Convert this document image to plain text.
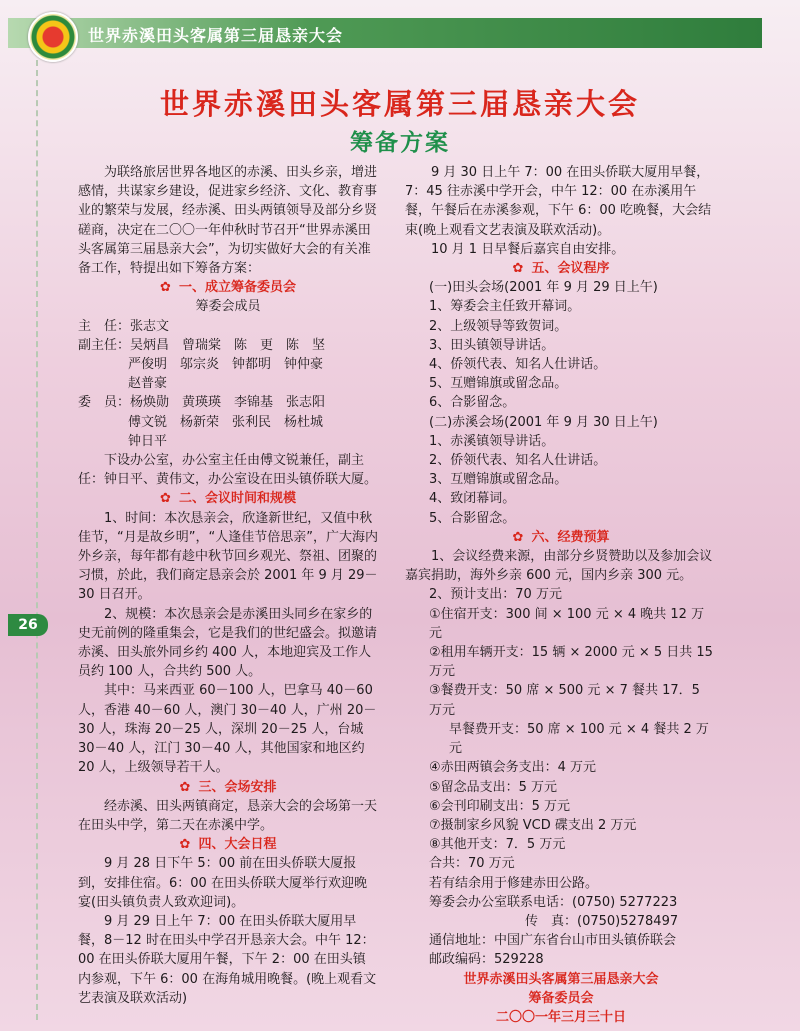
世界赤溪田头客属第三届恳亲大会
26
世界赤溪田头客属第三届恳亲大会
筹备方案

为联络旅居世界各地区的赤溪、田头乡亲，增进感情，共谋家乡建设，促进家乡经济、文化、教育事业的繁荣与发展，经赤溪、田头两镇领导及部分乡贤磋商，决定在二〇〇一年仲秋时节召开“世界赤溪田头客属第三届恳亲大会”，为切实做好大会的有关准备工作，特提出如下筹备方案：

✿ 一、成立筹备委员会

筹委会成员

主　任：张志文

副主任：吴炳昌　曾瑞棠　陈　更　陈　坚

严俊明　邬宗炎　钟都明　钟仲豪

赵普豪

委　员：杨焕勋　黄瑛瑛　李锦基　张志阳

傅文锐　杨新荣　张利民　杨杜城

钟日平

下设办公室，办公室主任由傅文锐兼任，副主任：钟日平、黄伟文，办公室设在田头镇侨联大厦。

✿ 二、会议时间和规模

1、时间：本次恳亲会，欣逢新世纪，又值中秋佳节，“月是故乡明”，“人逢佳节倍思亲”，广大海内外乡亲，每年都有趁中秋节回乡观光、祭祖、团聚的习惯，於此，我们商定恳亲会於 2001 年 9 月 29－30 日召开。

2、规模：本次恳亲会是赤溪田头同乡在家乡的史无前例的隆重集会，它是我们的世纪盛会。拟邀请赤溪、田头旅外同乡约 400 人，本地迎宾及工作人员约 100 人，合共约 500 人。

其中：马来西亚 60－100 人，巴拿马 40－60 人，香港 40－60 人，澳门 30－40 人，广州 20－30 人，珠海 20－25 人，深圳 20－25 人，台城 30－40 人，江门 30－40 人，其他国家和地区约 20 人，上级领导若干人。

✿ 三、会场安排

经赤溪、田头两镇商定，恳亲大会的会场第一天在田头中学，第二天在赤溪中学。

✿ 四、大会日程

9 月 28 日下午 5：00 前在田头侨联大厦报到，安排住宿。6：00 在田头侨联大厦举行欢迎晚宴(田头镇负责人致欢迎词)。

9 月 29 日上午 7：00 在田头侨联大厦用早餐，8－12 时在田头中学召开恳亲大会。中午 12：00 在田头侨联大厦用午餐，下午 2：00 在田头镇内参观，下午 6：00 在海角城用晚餐。(晚上观看文艺表演及联欢活动)

9 月 30 日上午 7：00 在田头侨联大厦用早餐，7：45 往赤溪中学开会，中午 12：00 在赤溪用午餐，午餐后在赤溪参观，下午 6：00 吃晚餐，大会结束(晚上观看文艺表演及联欢活动)。

10 月 1 日早餐后嘉宾自由安排。

✿ 五、会议程序

(一)田头会场(2001 年 9 月 29 日上午)

1、筹委会主任致开幕词。

2、上级领导等致贺词。

3、田头镇领导讲话。

4、侨领代表、知名人仕讲话。

5、互赠锦旗或留念品。

6、合影留念。

(二)赤溪会场(2001 年 9 月 30 日上午)

1、赤溪镇领导讲话。

2、侨领代表、知名人仕讲话。

3、互赠锦旗或留念品。

4、致闭幕词。

5、合影留念。

✿ 六、经费预算

1、会议经费来源，由部分乡贤赞助以及参加会议嘉宾捐助，海外乡亲 600 元，国内乡亲 300 元。

2、预计支出：70 万元

①住宿开支：300 间 × 100 元 × 4 晚共 12 万元

②租用车辆开支：15 辆 × 2000 元 × 5 日共 15 万元

③餐费开支：50 席 × 500 元 × 7 餐共 17．5 万元

早餐费开支：50 席 × 100 元 × 4 餐共 2 万元

④赤田两镇会务支出：4 万元

⑤留念品支出：5 万元

⑥会刊印刷支出：5 万元

⑦摄制家乡风貌 VCD 碟支出 2 万元

⑧其他开支：7．5 万元

合共：70 万元

若有结余用于修建赤田公路。

筹委会办公室联系电话：(0750) 5277223

传　真：(0750)5278497

通信地址：中国广东省台山市田头镇侨联会

邮政编码：529228

世界赤溪田头客属第三届恳亲大会

筹备委员会

二〇〇一年三月三十日
